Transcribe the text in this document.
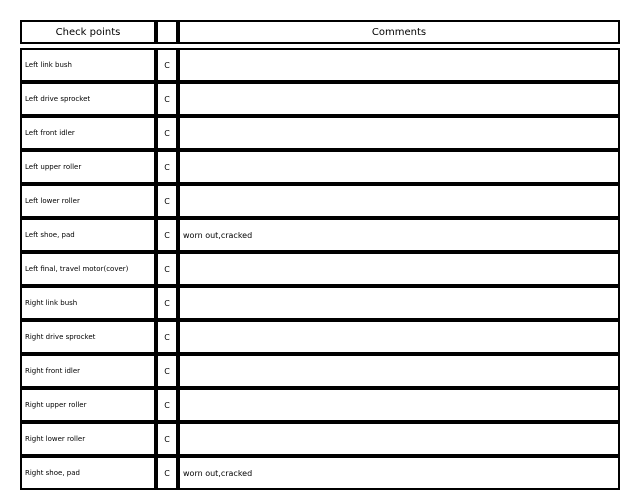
Check points		Comments
Left link bush	C	

Left drive sprocket	C	

Left front idler	C	

Left upper roller	C	

Left lower roller	C	

Left shoe, pad	C	worn out,cracked

Left final, travel motor(cover)	C	

Right link bush	C	

Right drive sprocket	C	

Right front idler	C	

Right upper roller	C	

Right lower roller	C	

Right shoe, pad	C	worn out,cracked
